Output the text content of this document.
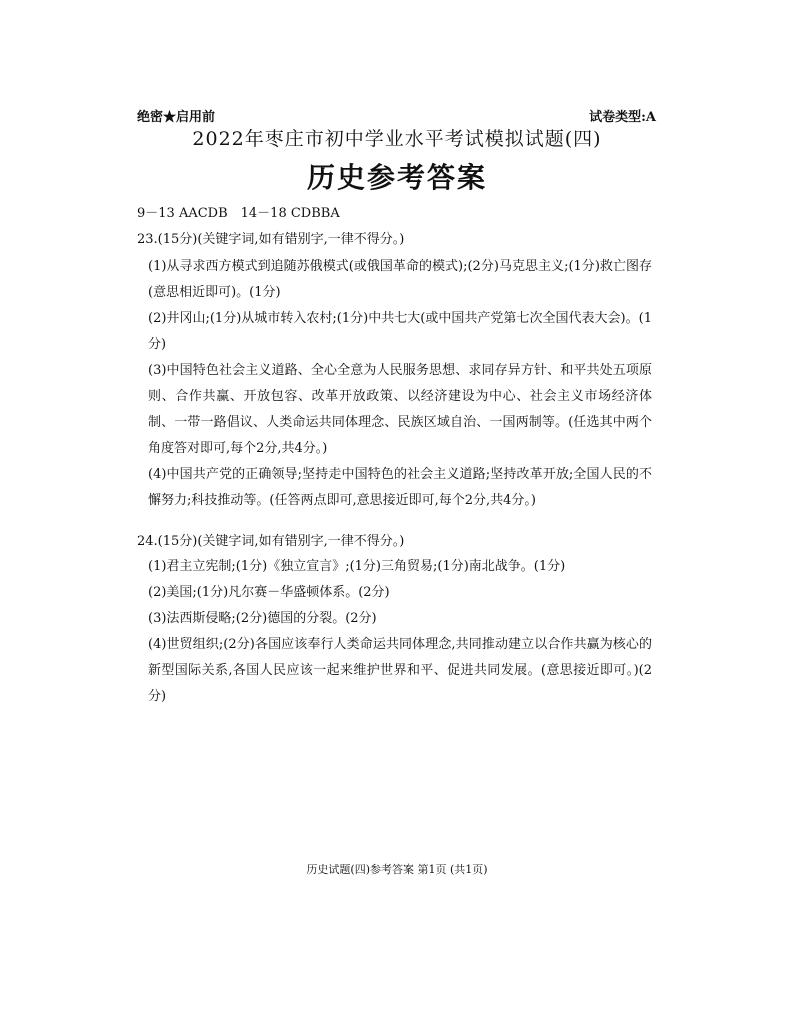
绝密★启用前	试卷类型:A
2022年枣庄市初中学业水平考试模拟试题(四)
历史参考答案
9－13 AACDB　14－18 CDBBA
23.(15分)(关键字词,如有错别字,一律不得分。)
(1)从寻求西方模式到追随苏俄模式(或俄国革命的模式);(2分)马克思主义;(1分)救亡图存(意思相近即可)。(1分)
(2)井冈山;(1分)从城市转入农村;(1分)中共七大(或中国共产党第七次全国代表大会)。(1分)
(3)中国特色社会主义道路、全心全意为人民服务思想、求同存异方针、和平共处五项原则、合作共赢、开放包容、改革开放政策、以经济建设为中心、社会主义市场经济体制、一带一路倡议、人类命运共同体理念、民族区域自治、一国两制等。(任选其中两个角度答对即可,每个2分,共4分。)
(4)中国共产党的正确领导;坚持走中国特色的社会主义道路;坚持改革开放;全国人民的不懈努力;科技推动等。(任答两点即可,意思接近即可,每个2分,共4分。)
24.(15分)(关键字词,如有错别字,一律不得分。)
(1)君主立宪制;(1分)《独立宣言》;(1分)三角贸易;(1分)南北战争。(1分)
(2)美国;(1分)凡尔赛－华盛顿体系。(2分)
(3)法西斯侵略;(2分)德国的分裂。(2分)
(4)世贸组织;(2分)各国应该奉行人类命运共同体理念,共同推动建立以合作共赢为核心的新型国际关系,各国人民应该一起来维护世界和平、促进共同发展。(意思接近即可。)(2分)
历史试题(四)参考答案 第1页 (共1页)
